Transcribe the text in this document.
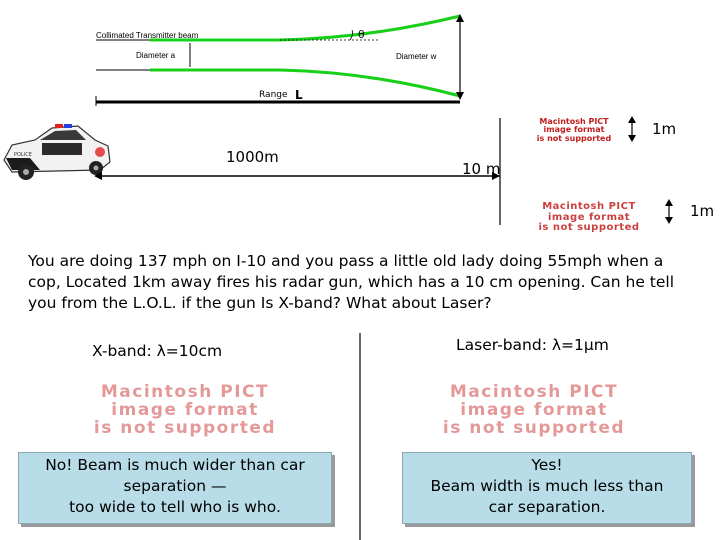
POLICE
Collimated Transmitter beam
Diameter a	Diameter w
θ
Range L
1000m
10 m
1m
1m
Macintosh PICT
image format
is not supported
Macintosh PICT
image format
is not supported
You are doing 137 mph on I-10 and you pass a little old lady doing 55mph when a cop, Located 1km away fires his radar gun, which has a 10 cm opening. Can he tell you from the L.O.L. if the gun Is X-band? What about Laser?
X-band: λ=10cm
Macintosh PICT
image format
is not supported
No! Beam is much wider than car
separation —
too wide to tell who is who.
Laser-band: λ=1μm
Macintosh PICT
image format
is not supported
Yes!
Beam width is much less than
car separation.
